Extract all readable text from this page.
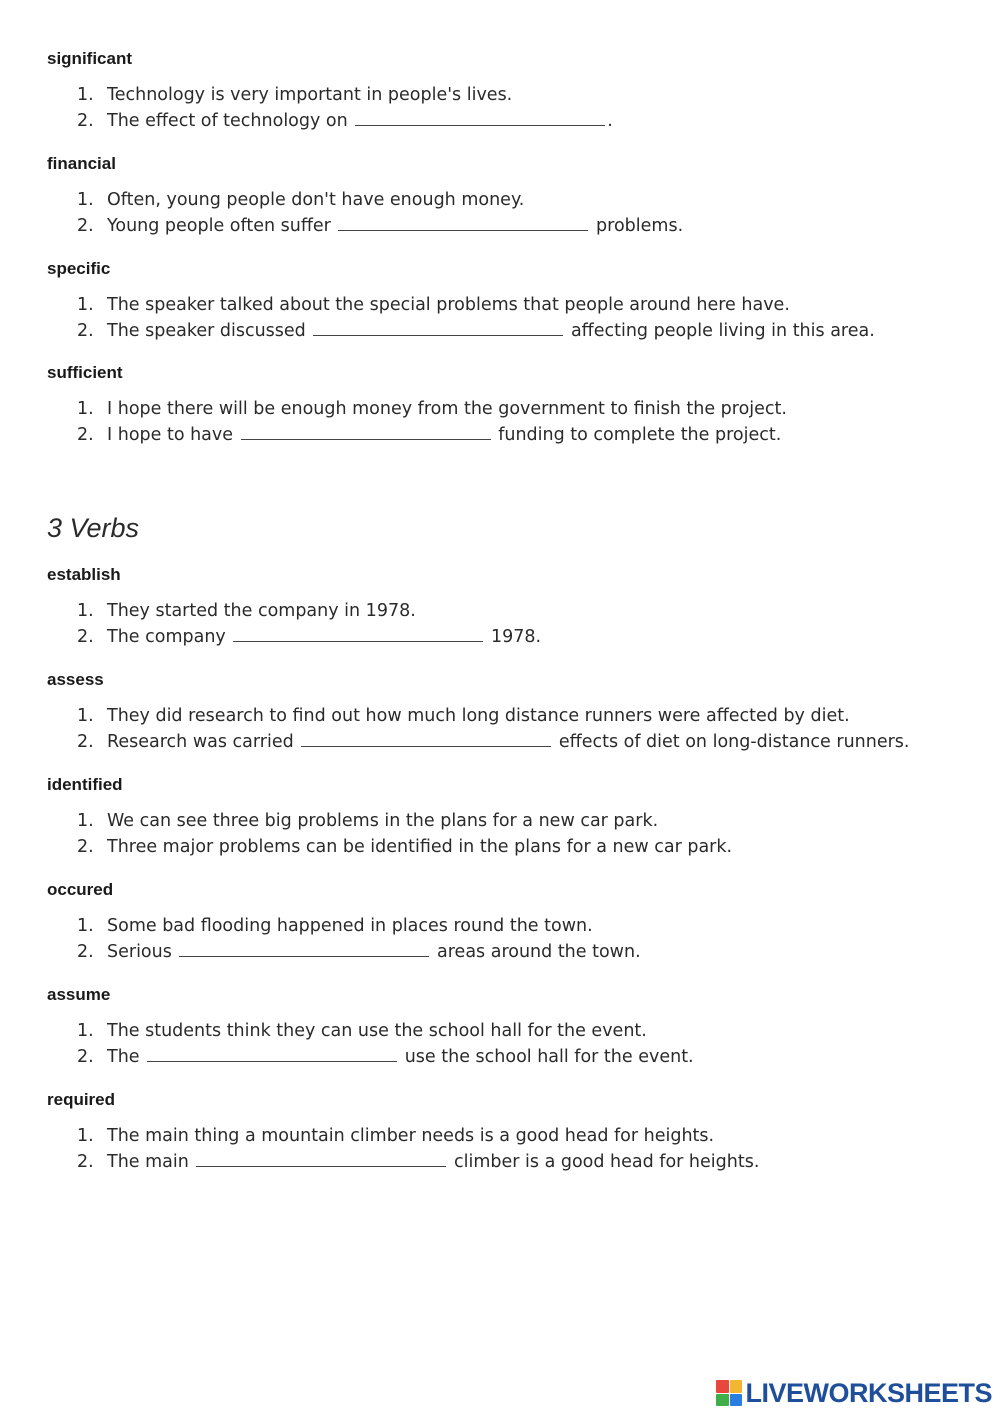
significant
1. Technology is very important in people's lives.
2. The effect of technology on	.
financial
1. Often, young people don't have enough money.
2. Young people often suffer	problems.
specific
1. The speaker talked about the special problems that people around here have.
2. The speaker discussed	affecting people living in this area.
sufficient
1. I hope there will be enough money from the government to finish the project.
2. I hope to have	funding to complete the project.
3 Verbs
establish
1. They started the company in 1978.
2. The company	1978.
assess
1. They did research to find out how much long distance runners were affected by diet.
2. Research was carried	effects of diet on long-distance runners.
identified
1. We can see three big problems in the plans for a new car park.
2. Three major problems can be identified in the plans for a new car park.
occured
1. Some bad flooding happened in places round the town.
2. Serious	areas around the town.
assume
1. The students think they can use the school hall for the event.
2. The	use the school hall for the event.
required
1. The main thing a mountain climber needs is a good head for heights.
2. The main	climber is a good head for heights.
LIVEWORKSHEETS
